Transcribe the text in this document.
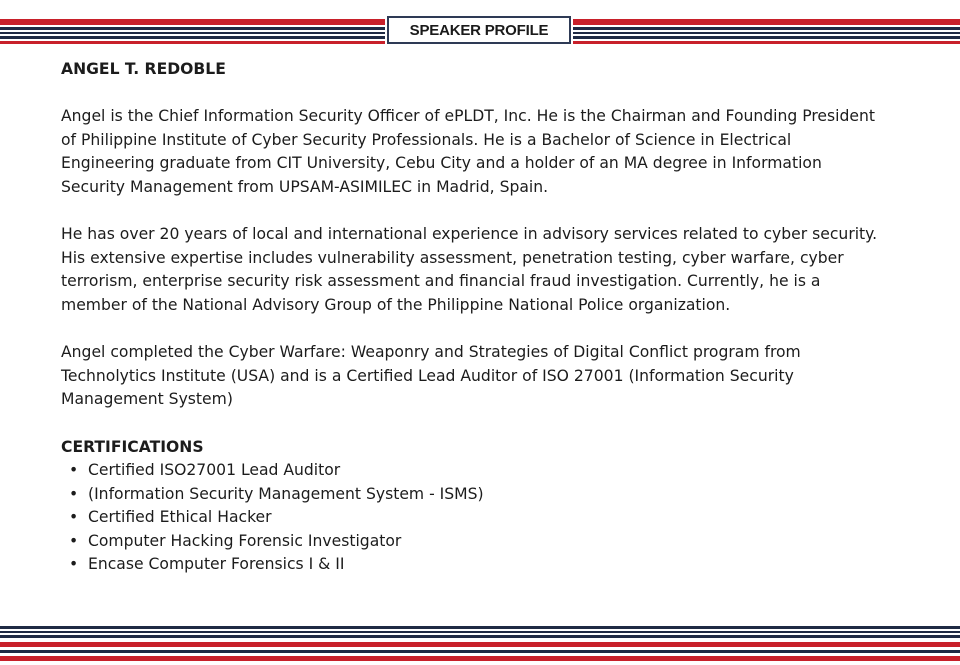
SPEAKER PROFILE
ANGEL T. REDOBLE
Angel is the Chief Information Security Officer of ePLDT, Inc. He is the Chairman and Founding President
of Philippine Institute of Cyber Security Professionals. He is a Bachelor of Science in Electrical
Engineering graduate from CIT University, Cebu City and a holder of an MA degree in Information
Security Management from UPSAM-ASIMILEC in Madrid, Spain.
He has over 20 years of local and international experience in advisory services related to cyber security.
His extensive expertise includes vulnerability assessment, penetration testing, cyber warfare, cyber
terrorism, enterprise security risk assessment and financial fraud investigation. Currently, he is a
member of the National Advisory Group of the Philippine National Police organization.
Angel completed the Cyber Warfare: Weaponry and Strategies of Digital Conflict program from
Technolytics Institute (USA) and is a Certified Lead Auditor of ISO 27001 (Information Security
Management System)
CERTIFICATIONS
• Certified ISO27001 Lead Auditor
• (Information Security Management System - ISMS)
• Certified Ethical Hacker
• Computer Hacking Forensic Investigator
• Encase Computer Forensics I & II
